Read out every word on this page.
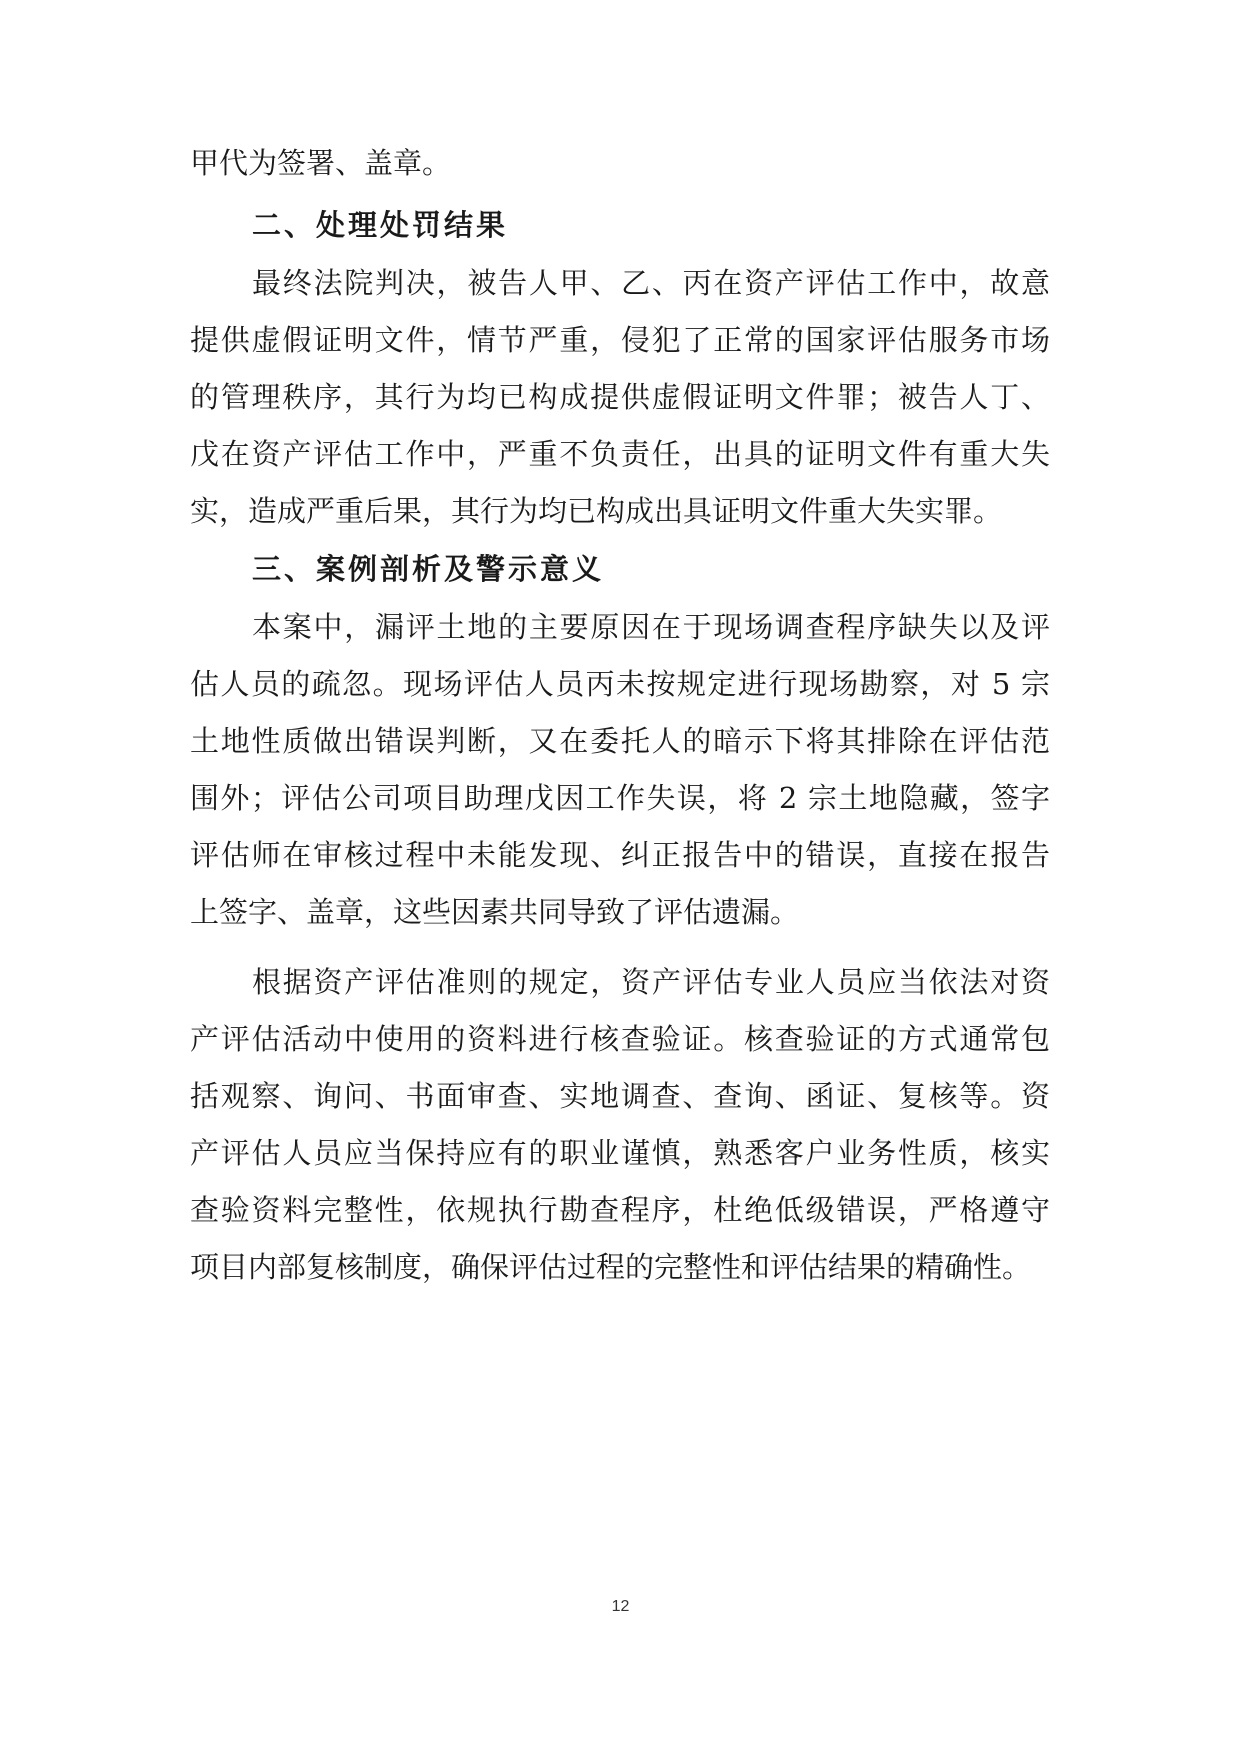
甲代为签署、盖章。
二、处理处罚结果
最终法院判决，被告人甲、乙、丙在资产评估工作中，故意
提供虚假证明文件，情节严重，侵犯了正常的国家评估服务市场
的管理秩序，其行为均已构成提供虚假证明文件罪；被告人丁、
戊在资产评估工作中，严重不负责任，出具的证明文件有重大失
实，造成严重后果，其行为均已构成出具证明文件重大失实罪。
三、案例剖析及警示意义
本案中，漏评土地的主要原因在于现场调查程序缺失以及评
估人员的疏忽。现场评估人员丙未按规定进行现场勘察，对 5 宗
土地性质做出错误判断，又在委托人的暗示下将其排除在评估范
围外；评估公司项目助理戊因工作失误，将 2 宗土地隐藏，签字
评估师在审核过程中未能发现、纠正报告中的错误，直接在报告
上签字、盖章，这些因素共同导致了评估遗漏。
根据资产评估准则的规定，资产评估专业人员应当依法对资
产评估活动中使用的资料进行核查验证。核查验证的方式通常包
括观察、询问、书面审查、实地调查、查询、函证、复核等。资
产评估人员应当保持应有的职业谨慎，熟悉客户业务性质，核实
查验资料完整性，依规执行勘查程序，杜绝低级错误，严格遵守
项目内部复核制度，确保评估过程的完整性和评估结果的精确性。
12
